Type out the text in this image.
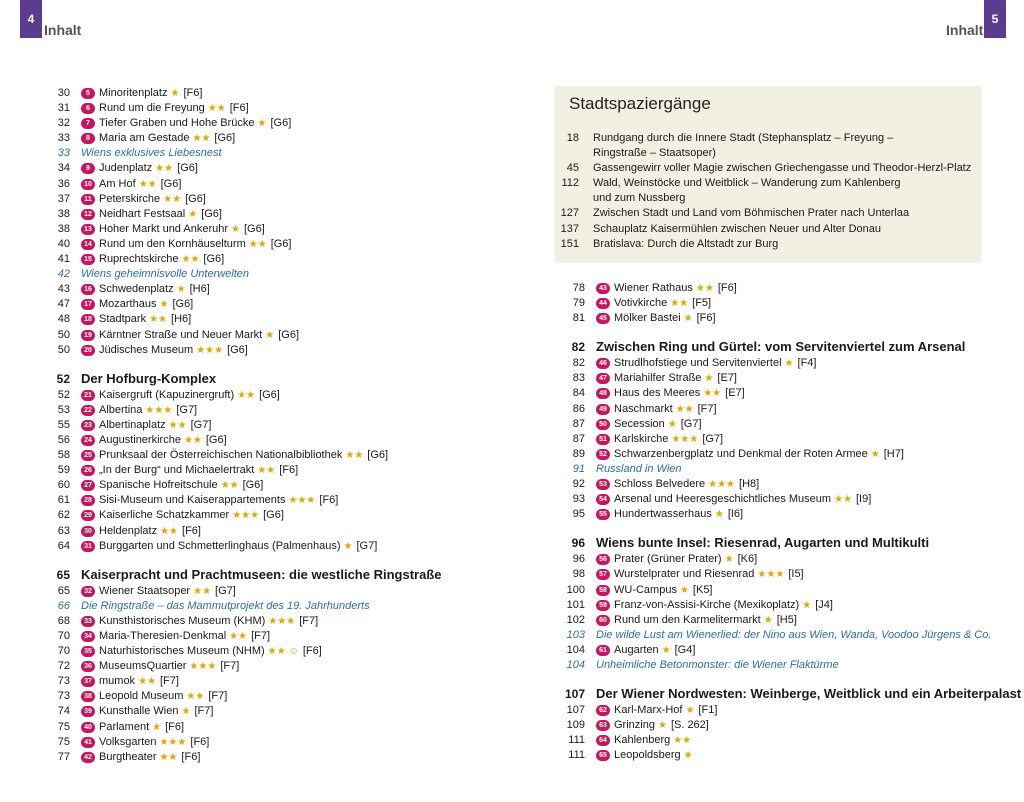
4
Inhalt	Inhalt
5
30	5 Minoritenplatz ★ [F6]
31	6 Rund um die Freyung ★★ [F6]
32	7 Tiefer Graben und Hohe Brücke ★ [G6]
33	8 Maria am Gestade ★★ [G6]
33 Wiens exklusives Liebesnest
34	9 Judenplatz ★★ [G6]
36	10 Am Hof ★★ [G6]
37	11 Peterskirche ★★ [G6]
38	12 Neidhart Festsaal ★ [G6]
38	13 Hoher Markt und Ankeruhr ★ [G6]
40	14 Rund um den Kornhäuselturm ★★ [G6]
41	15 Ruprechtskirche ★★ [G6]
42 Wiens geheimnisvolle Unterwelten
43	16 Schwedenplatz ★ [H6]
47	17 Mozarthaus ★ [G6]
48	18 Stadtpark ★★ [H6]
50	19 Kärntner Straße und Neuer Markt ★ [G6]
50	20 Jüdisches Museum ★★★ [G6]
52 Der Hofburg-Komplex
52	21 Kaisergruft (Kapuzinergruft) ★★ [G6]
53	22 Albertina ★★★ [G7]
55	23 Albertinaplatz ★★ [G7]
56	24 Augustinerkirche ★★ [G6]
58	25 Prunksaal der Österreichischen Nationalbibliothek ★★ [G6]
59	26 „In der Burg“ und Michaelertrakt ★★ [F6]
60	27 Spanische Hofreitschule ★★ [G6]
61	28 Sisi-Museum und Kaiserappartements ★★★ [F6]
62	29 Kaiserliche Schatzkammer ★★★ [G6]
63	30 Heldenplatz ★★ [F6]
64	31 Burggarten und Schmetterlinghaus (Palmenhaus) ★ [G7]
65 Kaiserpracht und Prachtmuseen: die westliche Ringstraße
65	32 Wiener Staatsoper ★★ [G7]
66 Die Ringstraße – das Mammutprojekt des 19. Jahrhunderts
68	33 Kunsthistorisches Museum (KHM) ★★★ [F7]
70	34 Maria-Theresien-Denkmal ★★ [F7]
70	35 Naturhistorisches Museum (NHM) ★★ ☺ [F6]
72	36 MuseumsQuartier ★★★ [F7]
73	37 mumok ★★ [F7]
73	38 Leopold Museum ★★ [F7]
74	39 Kunsthalle Wien ★ [F7]
75	40 Parlament ★ [F6]
75	41 Volksgarten ★★★ [F6]
77	42 Burgtheater ★★ [F6]
Stadtspaziergänge
18 Rundgang durch die Innere Stadt (Stephansplatz – Freyung –
Ringstraße – Staatsoper)
45 Gassengewirr voller Magie zwischen Griechengasse und Theodor-Herzl-Platz
112 Wald, Weinstöcke und Weitblick – Wanderung zum Kahlenberg
und zum Nussberg
127 Zwischen Stadt und Land vom Böhmischen Prater nach Unterlaa
137 Schauplatz Kaisermühlen zwischen Neuer und Alter Donau
151 Bratislava: Durch die Altstadt zur Burg
78	43 Wiener Rathaus ★★ [F6]
79	44 Votivkirche ★★ [F5]
81	45 Mölker Bastei ★ [F6]
82 Zwischen Ring und Gürtel: vom Servitenviertel zum Arsenal
82	46 Strudlhofstiege und Servitenviertel ★ [F4]
83	47 Mariahilfer Straße ★ [E7]
84	48 Haus des Meeres ★★ [E7]
86	49 Naschmarkt ★★ [F7]
87	50 Secession ★ [G7]
87	51 Karlskirche ★★★ [G7]
89	52 Schwarzenbergplatz und Denkmal der Roten Armee ★ [H7]
91 Russland in Wien
92	53 Schloss Belvedere ★★★ [H8]
93	54 Arsenal und Heeresgeschichtliches Museum ★★ [I9]
95	55 Hundertwasserhaus ★ [I6]
96 Wiens bunte Insel: Riesenrad, Augarten und Multikulti
96	56 Prater (Grüner Prater) ★ [K6]
98	57 Wurstelprater und Riesenrad ★★★ [I5]
100	58 WU-Campus ★ [K5]
101	59 Franz-von-Assisi-Kirche (Mexikoplatz) ★ [J4]
102	60 Rund um den Karmelitermarkt ★ [H5]
103 Die wilde Lust am Wienerlied: der Nino aus Wien, Wanda, Voodoo Jürgens & Co.
104	61 Augarten ★ [G4]
104 Unheimliche Betonmonster: die Wiener Flaktürme
107 Der Wiener Nordwesten: Weinberge, Weitblick und ein Arbeiterpalast
107	62 Karl-Marx-Hof ★ [F1]
109	63 Grinzing ★ [S. 262]
111	64 Kahlenberg ★★
111	65 Leopoldsberg ★
